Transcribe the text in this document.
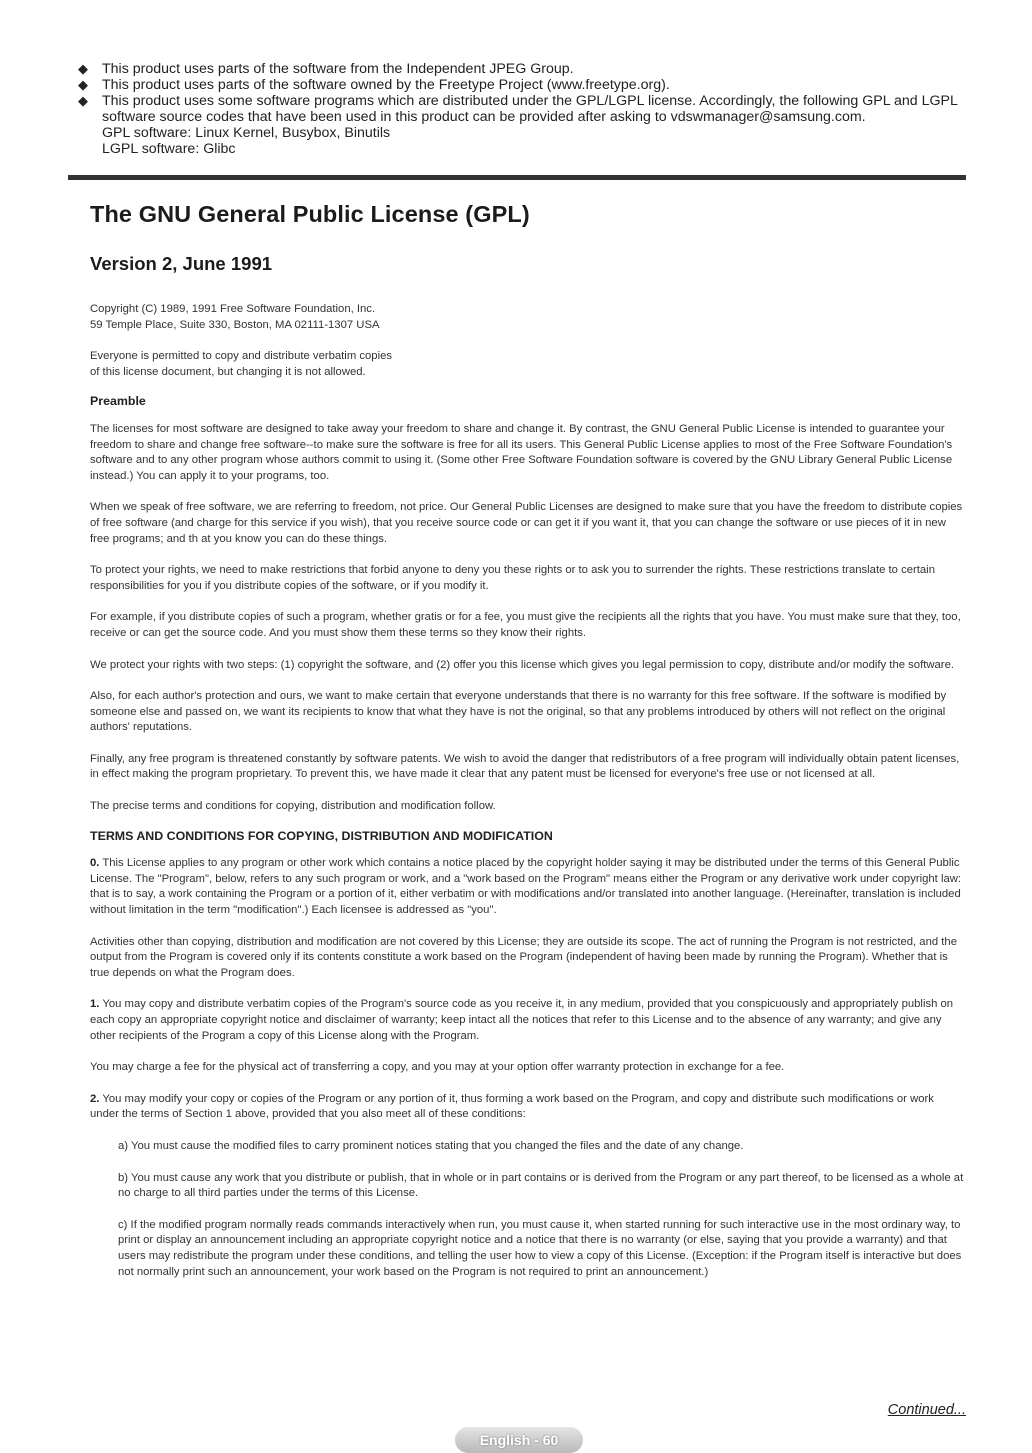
◆ This product uses parts of the software from the Independent JPEG Group.
◆ This product uses parts of the software owned by the Freetype Project (www.freetype.org).
◆ This product uses some software programs which are distributed under the GPL/LGPL license. Accordingly, the following GPL and LGPL software source codes that have been used in this product can be provided after asking to vdswmanager@samsung.com.
GPL software: Linux Kernel, Busybox, Binutils
LGPL software: Glibc
The GNU General Public License (GPL)
Version 2, June 1991

Copyright (C) 1989, 1991 Free Software Foundation, Inc.
59 Temple Place, Suite 330, Boston, MA 02111-1307 USA

Everyone is permitted to copy and distribute verbatim copies
of this license document, but changing it is not allowed.

Preamble

The licenses for most software are designed to take away your freedom to share and change it. By contrast, the GNU General Public License is intended to guarantee your freedom to share and change free software--to make sure the software is free for all its users. This General Public License applies to most of the Free Software Foundation's software and to any other program whose authors commit to using it. (Some other Free Software Foundation software is covered by the GNU Library General Public License instead.) You can apply it to your programs, too.

When we speak of free software, we are referring to freedom, not price. Our General Public Licenses are designed to make sure that you have the freedom to distribute copies of free software (and charge for this service if you wish), that you receive source code or can get it if you want it, that you can change the software or use pieces of it in new free programs; and th at you know you can do these things.

To protect your rights, we need to make restrictions that forbid anyone to deny you these rights or to ask you to surrender the rights. These restrictions translate to certain responsibilities for you if you distribute copies of the software, or if you modify it.

For example, if you distribute copies of such a program, whether gratis or for a fee, you must give the recipients all the rights that you have. You must make sure that they, too, receive or can get the source code. And you must show them these terms so they know their rights.

We protect your rights with two steps: (1) copyright the software, and (2) offer you this license which gives you legal permission to copy, distribute and/or modify the software.

Also, for each author's protection and ours, we want to make certain that everyone understands that there is no warranty for this free software. If the software is modified by someone else and passed on, we want its recipients to know that what they have is not the original, so that any problems introduced by others will not reflect on the original authors' reputations.

Finally, any free program is threatened constantly by software patents. We wish to avoid the danger that redistributors of a free program will individually obtain patent licenses, in effect making the program proprietary. To prevent this, we have made it clear that any patent must be licensed for everyone's free use or not licensed at all.

The precise terms and conditions for copying, distribution and modification follow.

TERMS AND CONDITIONS FOR COPYING, DISTRIBUTION AND MODIFICATION

0. This License applies to any program or other work which contains a notice placed by the copyright holder saying it may be distributed under the terms of this General Public License. The "Program", below, refers to any such program or work, and a "work based on the Program" means either the Program or any derivative work under copyright law: that is to say, a work containing the Program or a portion of it, either verbatim or with modifications and/or translated into another language. (Hereinafter, translation is included without limitation in the term "modification".) Each licensee is addressed as "you".

Activities other than copying, distribution and modification are not covered by this License; they are outside its scope. The act of running the Program is not restricted, and the output from the Program is covered only if its contents constitute a work based on the Program (independent of having been made by running the Program). Whether that is true depends on what the Program does.

1. You may copy and distribute verbatim copies of the Program's source code as you receive it, in any medium, provided that you conspicuously and appropriately publish on each copy an appropriate copyright notice and disclaimer of warranty; keep intact all the notices that refer to this License and to the absence of any warranty; and give any other recipients of the Program a copy of this License along with the Program.

You may charge a fee for the physical act of transferring a copy, and you may at your option offer warranty protection in exchange for a fee.

2. You may modify your copy or copies of the Program or any portion of it, thus forming a work based on the Program, and copy and distribute such modifications or work under the terms of Section 1 above, provided that you also meet all of these conditions:

a) You must cause the modified files to carry prominent notices stating that you changed the files and the date of any change.

b) You must cause any work that you distribute or publish, that in whole or in part contains or is derived from the Program or any part thereof, to be licensed as a whole at no charge to all third parties under the terms of this License.

c) If the modified program normally reads commands interactively when run, you must cause it, when started running for such interactive use in the most ordinary way, to print or display an announcement including an appropriate copyright notice and a notice that there is no warranty (or else, saying that you provide a warranty) and that users may redistribute the program under these conditions, and telling the user how to view a copy of this License. (Exception: if the Program itself is interactive but does not normally print such an announcement, your work based on the Program is not required to print an announcement.)

Continued...
English - 60
